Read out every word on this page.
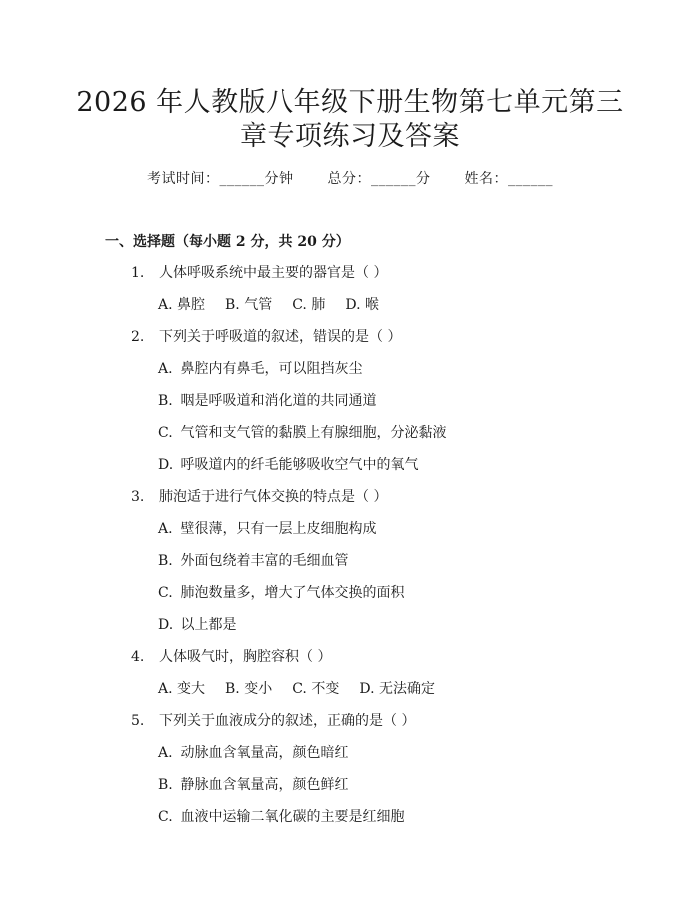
2026 年人教版八年级下册生物第七单元第三
章专项练习及答案
考试时间：______分钟 总分：______分 姓名：______
一、选择题（每小题 2 分，共 20 分）
1. 人体呼吸系统中最主要的器官是（ ）
A. 鼻腔 B. 气管 C. 肺 D. 喉
2. 下列关于呼吸道的叙述，错误的是（ ）
A. 鼻腔内有鼻毛，可以阻挡灰尘
B. 咽是呼吸道和消化道的共同通道
C. 气管和支气管的黏膜上有腺细胞，分泌黏液
D. 呼吸道内的纤毛能够吸收空气中的氧气
3. 肺泡适于进行气体交换的特点是（ ）
A. 壁很薄，只有一层上皮细胞构成
B. 外面包绕着丰富的毛细血管
C. 肺泡数量多，增大了气体交换的面积
D. 以上都是
4. 人体吸气时，胸腔容积（ ）
A. 变大 B. 变小 C. 不变 D. 无法确定
5. 下列关于血液成分的叙述，正确的是（ ）
A. 动脉血含氧量高，颜色暗红
B. 静脉血含氧量高，颜色鲜红
C. 血液中运输二氧化碳的主要是红细胞
